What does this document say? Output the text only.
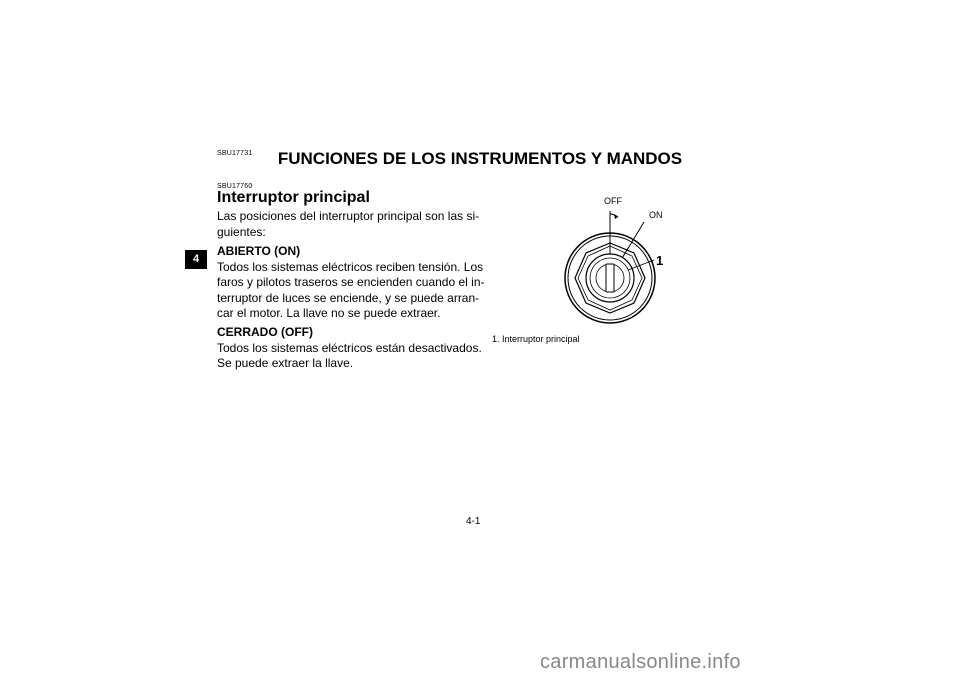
SBU17731	FUNCIONES DE LOS INSTRUMENTOS Y MANDOS
4
SBU17760
Interruptor principal
Las posiciones del interruptor principal son las si-
guientes:
ABIERTO (ON)
Todos los sistemas eléctricos reciben tensión. Los
faros y pilotos traseros se encienden cuando el in-
terruptor de luces se enciende, y se puede arran-
car el motor. La llave no se puede extraer.
CERRADO (OFF)
Todos los sistemas eléctricos están desactivados.
Se puede extraer la llave.
OFF
ON
1
1. Interruptor principal
4-1
carmanualsonline.info
